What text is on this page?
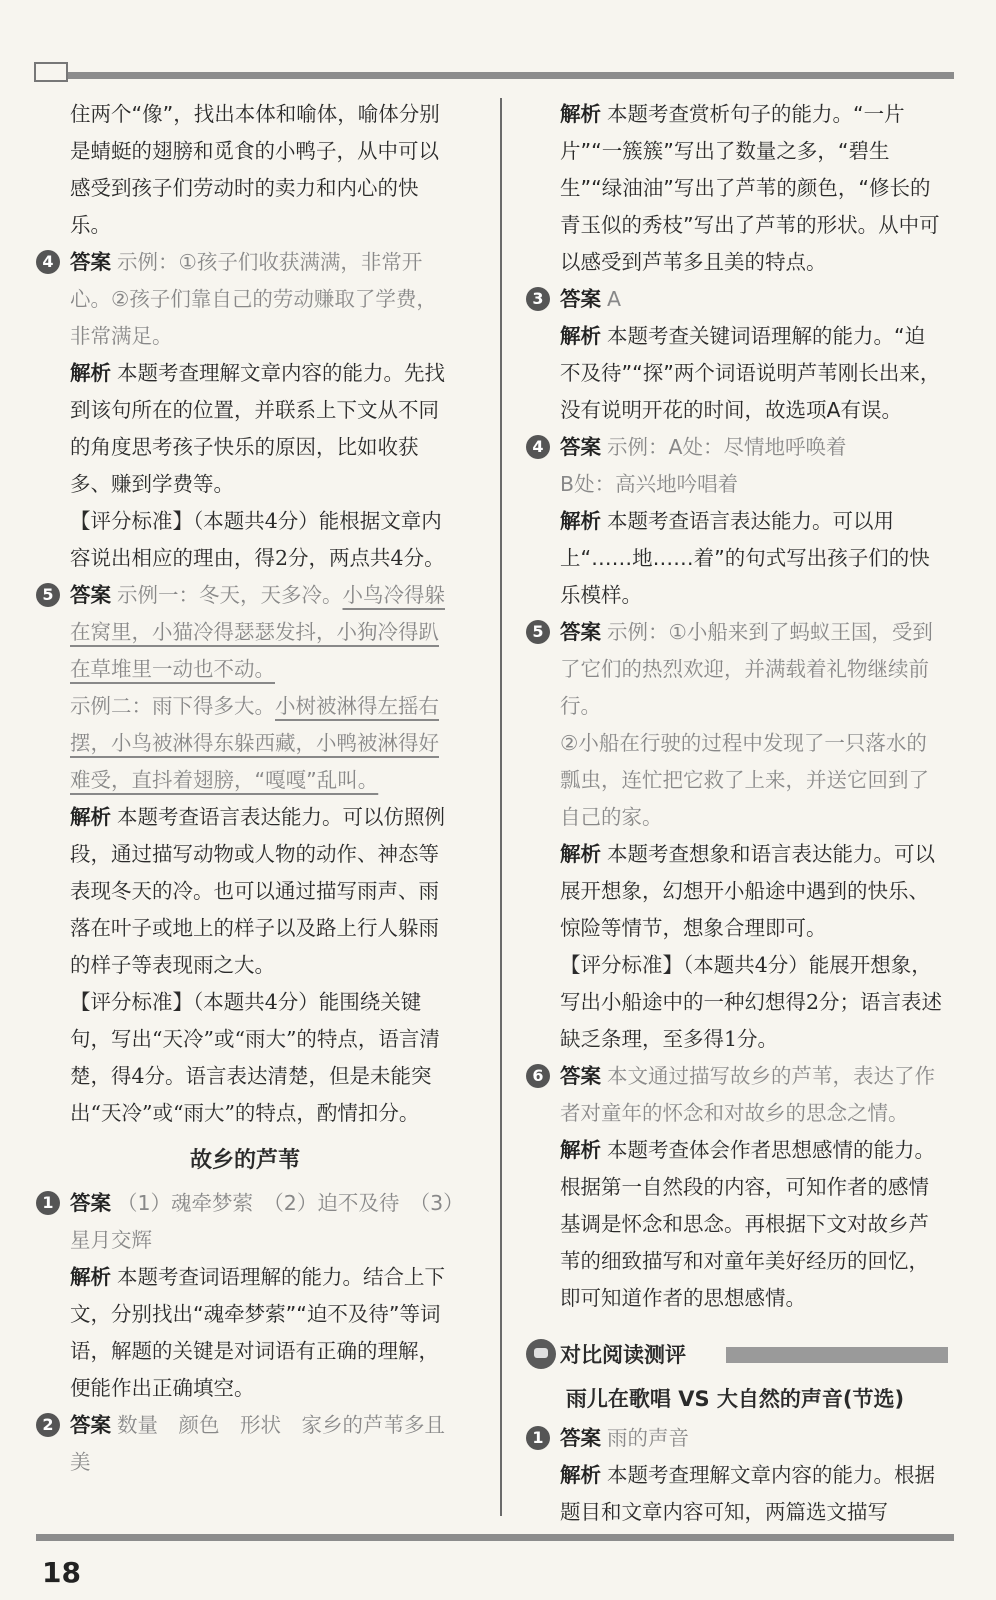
住两个“像”，找出本体和喻体，喻体分别是蜻蜓的翅膀和觅食的小鸭子，从中可以感受到孩子们劳动时的卖力和内心的快乐。
4 答案 示例：①孩子们收获满满，非常开心。②孩子们靠自己的劳动赚取了学费，非常满足。
解析 本题考查理解文章内容的能力。先找到该句所在的位置，并联系上下文从不同的角度思考孩子快乐的原因，比如收获多、赚到学费等。
【评分标准】（本题共4分）能根据文章内容说出相应的理由，得2分，两点共4分。
5 答案 示例一：冬天，天多冷。小鸟冷得躲在窝里，小猫冷得瑟瑟发抖，小狗冷得趴在草堆里一动也不动。
示例二：雨下得多大。小树被淋得左摇右摆，小鸟被淋得东躲西藏，小鸭被淋得好难受，直抖着翅膀，“嘎嘎”乱叫。
解析 本题考查语言表达能力。可以仿照例段，通过描写动物或人物的动作、神态等表现冬天的冷。也可以通过描写雨声、雨落在叶子或地上的样子以及路上行人躲雨的样子等表现雨之大。
【评分标准】（本题共4分）能围绕关键句，写出“天冷”或“雨大”的特点，语言清楚，得4分。语言表达清楚，但是未能突出“天冷”或“雨大”的特点，酌情扣分。
故乡的芦苇
1 答案 （1）魂牵梦萦　（2）迫不及待　（3）星月交辉
解析 本题考查词语理解的能力。结合上下文，分别找出“魂牵梦萦”“迫不及待”等词语，解题的关键是对词语有正确的理解，便能作出正确填空。
2 答案 数量　颜色　形状　家乡的芦苇多且美
解析 本题考查赏析句子的能力。“一片片”“一簇簇”写出了数量之多，“碧生生”“绿油油”写出了芦苇的颜色，“修长的青玉似的秀枝”写出了芦苇的形状。从中可以感受到芦苇多且美的特点。
3 答案 A
解析 本题考查关键词语理解的能力。“迫不及待”“探”两个词语说明芦苇刚长出来，没有说明开花的时间，故选项A有误。
4 答案 示例：A处：尽情地呼唤着
B处：高兴地吟唱着
解析 本题考查语言表达能力。可以用上“……地……着”的句式写出孩子们的快乐模样。
5 答案 示例：①小船来到了蚂蚁王国，受到了它们的热烈欢迎，并满载着礼物继续前行。
②小船在行驶的过程中发现了一只落水的瓢虫，连忙把它救了上来，并送它回到了自己的家。
解析 本题考查想象和语言表达能力。可以展开想象，幻想开小船途中遇到的快乐、惊险等情节，想象合理即可。
【评分标准】（本题共4分）能展开想象，写出小船途中的一种幻想得2分；语言表述缺乏条理，至多得1分。
6 答案 本文通过描写故乡的芦苇，表达了作者对童年的怀念和对故乡的思念之情。
解析 本题考查体会作者思想感情的能力。根据第一自然段的内容，可知作者的感情基调是怀念和思念。再根据下文对故乡芦苇的细致描写和对童年美好经历的回忆，即可知道作者的思想感情。
对比阅读测评
雨儿在歌唱 VS 大自然的声音(节选)
1 答案 雨的声音
解析 本题考查理解文章内容的能力。根据题目和文章内容可知，两篇选文描写
18
